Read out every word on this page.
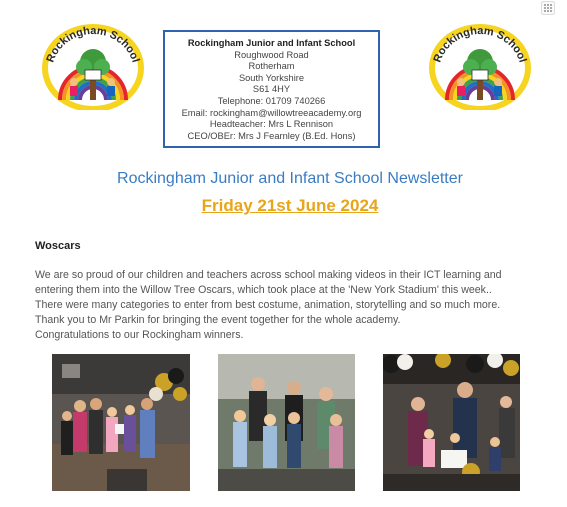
Rockingham School	Rockingham School
Rockingham Junior and Infant School
Roughwood Road
Rotherham
South Yorkshire
S61 4HY
Telephone: 01709 740266
Email: rockingham@willowtreeacademy.org
Headteacher: Mrs L Rennison
CEO/OBEr: Mrs J Fearnley (B.Ed. Hons)
Rockingham Junior and Infant School Newsletter
Friday 21st June 2024
Woscars

We are so proud of our children and teachers across school making videos in their ICT learning and

entering them into the Willow Tree Oscars, which took place at the 'New York Stadium' this week..

There were many categories to enter from best costume, animation, storytelling and so much more.

Thank you to Mr Parkin for bringing the event together for the whole academy.

Congratulations to our Rockingham winners.
